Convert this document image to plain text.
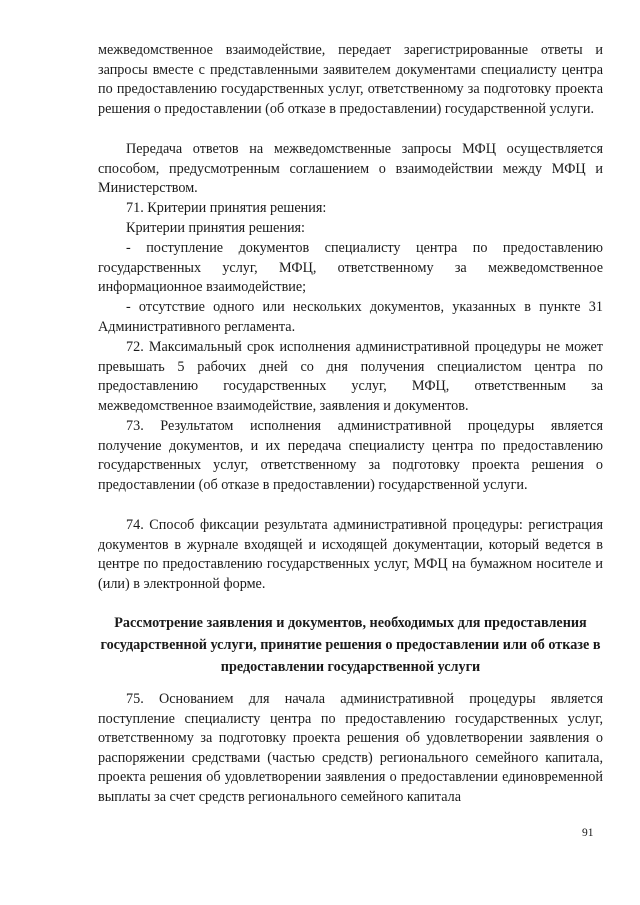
межведомственное взаимодействие, передает зарегистрированные ответы и запросы вместе с представленными заявителем документами специалисту центра по предоставлению государственных услуг, ответственному за подготовку проекта решения о предоставлении (об отказе в предоставлении) государственной услуги.

Передача ответов на межведомственные запросы МФЦ осуществляется способом, предусмотренным соглашением о взаимодействии между МФЦ и Министерством.

71. Критерии принятия решения:

Критерии принятия решения:

- поступление документов специалисту центра по предоставлению государственных услуг, МФЦ, ответственному за межведомственное информационное взаимодействие;

- отсутствие одного или нескольких документов, указанных в пункте 31 Административного регламента.

72. Максимальный срок исполнения административной процедуры не может превышать 5 рабочих дней со дня получения специалистом центра по предоставлению государственных услуг, МФЦ, ответственным за межведомственное взаимодействие, заявления и документов.

73. Результатом исполнения административной процедуры является получение документов, и их передача специалисту центра по предоставлению государственных услуг, ответственному за подготовку проекта решения о предоставлении (об отказе в предоставлении) государственной услуги.

74. Способ фиксации результата административной процедуры: регистрация документов в журнале входящей и исходящей документации, который ведется в центре по предоставлению государственных услуг, МФЦ на бумажном носителе и (или) в электронной форме.

Рассмотрение заявления и документов, необходимых для предоставления государственной услуги, принятие решения о предоставлении или об отказе в предоставлении государственной услуги

75. Основанием для начала административной процедуры является поступление специалисту центра по предоставлению государственных услуг, ответственному за подготовку проекта решения об удовлетворении заявления о распоряжении средствами (частью средств) регионального семейного капитала, проекта решения об удовлетворении заявления о предоставлении единовременной выплаты за счет средств регионального семейного капитала

91
